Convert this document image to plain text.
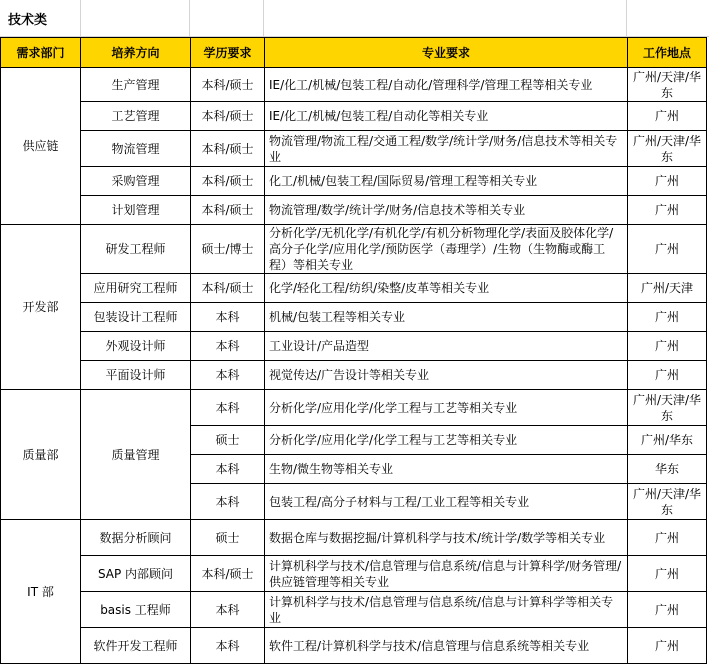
技术类
需求部门	培养方向	学历要求	专业要求	工作地点
供应链	生产管理	本科/硕士	IE/化工/机械/包装工程/自动化/管理科学/管理工程等相关专业	广州/天津/华东
	工艺管理	本科/硕士	IE/化工/机械/包装工程/自动化等相关专业	广州
	物流管理	本科/硕士	物流管理/物流工程/交通工程/数学/统计学/财务/信息技术等相关专业	广州/天津/华东
	采购管理	本科/硕士	化工/机械/包装工程/国际贸易/管理工程等相关专业	广州
	计划管理	本科/硕士	物流管理/数学/统计学/财务/信息技术等相关专业	广州
开发部	研发工程师	硕士/博士	分析化学/无机化学/有机化学/有机分析物理化学/表面及胶体化学/高分子化学/应用化学/预防医学（毒理学）/生物（生物酶或酶工程）等相关专业	广州
	应用研究工程师	本科/硕士	化学/轻化工程/纺织/染整/皮革等相关专业	广州/天津
	包装设计工程师	本科	机械/包装工程等相关专业	广州
	外观设计师	本科	工业设计/产品造型	广州
	平面设计师	本科	视觉传达/广告设计等相关专业	广州
质量部	质量管理	本科	分析化学/应用化学/化学工程与工艺等相关专业	广州/天津/华东
		硕士	分析化学/应用化学/化学工程与工艺等相关专业	广州/华东
		本科	生物/微生物等相关专业	华东
		本科	包装工程/高分子材料与工程/工业工程等相关专业	广州/天津/华东
IT 部	数据分析顾问	硕士	数据仓库与数据挖掘/计算机科学与技术/统计学/数学等相关专业	广州
	SAP 内部顾问	本科/硕士	计算机科学与技术/信息管理与信息系统/信息与计算科学/财务管理/供应链管理等相关专业	广州
	basis 工程师	本科	计算机科学与技术/信息管理与信息系统/信息与计算科学等相关专业	广州
	软件开发工程师	本科	软件工程/计算机科学与技术/信息管理与信息系统等相关专业	广州
